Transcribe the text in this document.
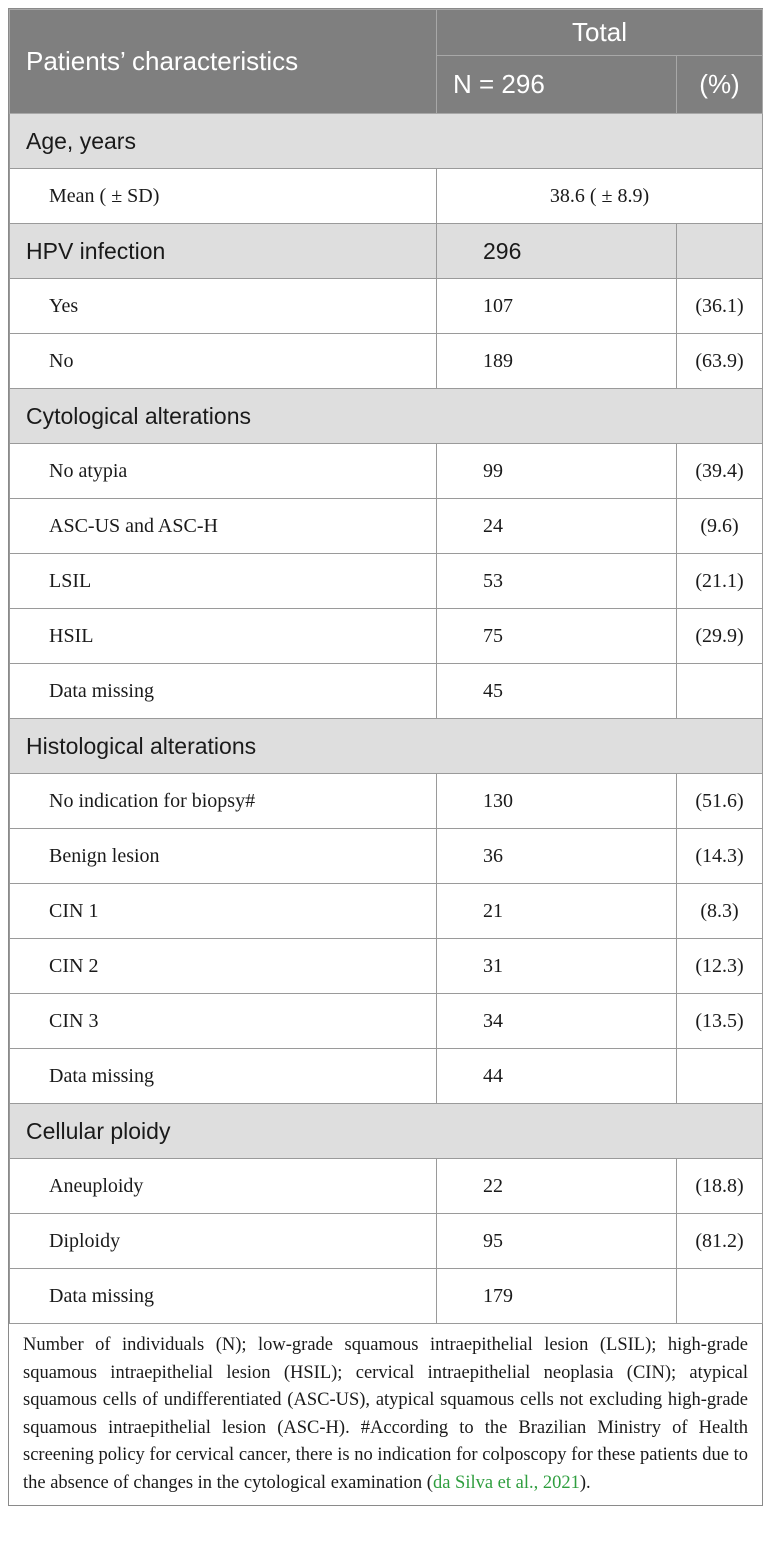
Patients’ characteristics	Total	
	N = 296	(%)
Age, years		
Mean ( ± SD)	38.6 ( ± 8.9)	
HPV infection	296	
Yes	107	(36.1)
No	189	(63.9)
Cytological alterations		
No atypia	99	(39.4)
ASC-US and ASC-H	24	(9.6)
LSIL	53	(21.1)
HSIL	75	(29.9)
Data missing	45	
Histological alterations		
No indication for biopsy#	130	(51.6)
Benign lesion	36	(14.3)
CIN 1	21	(8.3)
CIN 2	31	(12.3)
CIN 3	34	(13.5)
Data missing	44	
Cellular ploidy		
Aneuploidy	22	(18.8)
Diploidy	95	(81.2)
Data missing	179	
Number of individuals (N); low-grade squamous intraepithelial lesion (LSIL); high-grade squamous intraepithelial lesion (HSIL); cervical intraepithelial neoplasia (CIN); atypical squamous cells of undifferentiated (ASC-US), atypical squamous cells not excluding high-grade squamous intraepithelial lesion (ASC-H). #According to the Brazilian Ministry of Health screening policy for cervical cancer, there is no indication for colposcopy for these patients due to the absence of changes in the cytological examination (da Silva et al., 2021).
